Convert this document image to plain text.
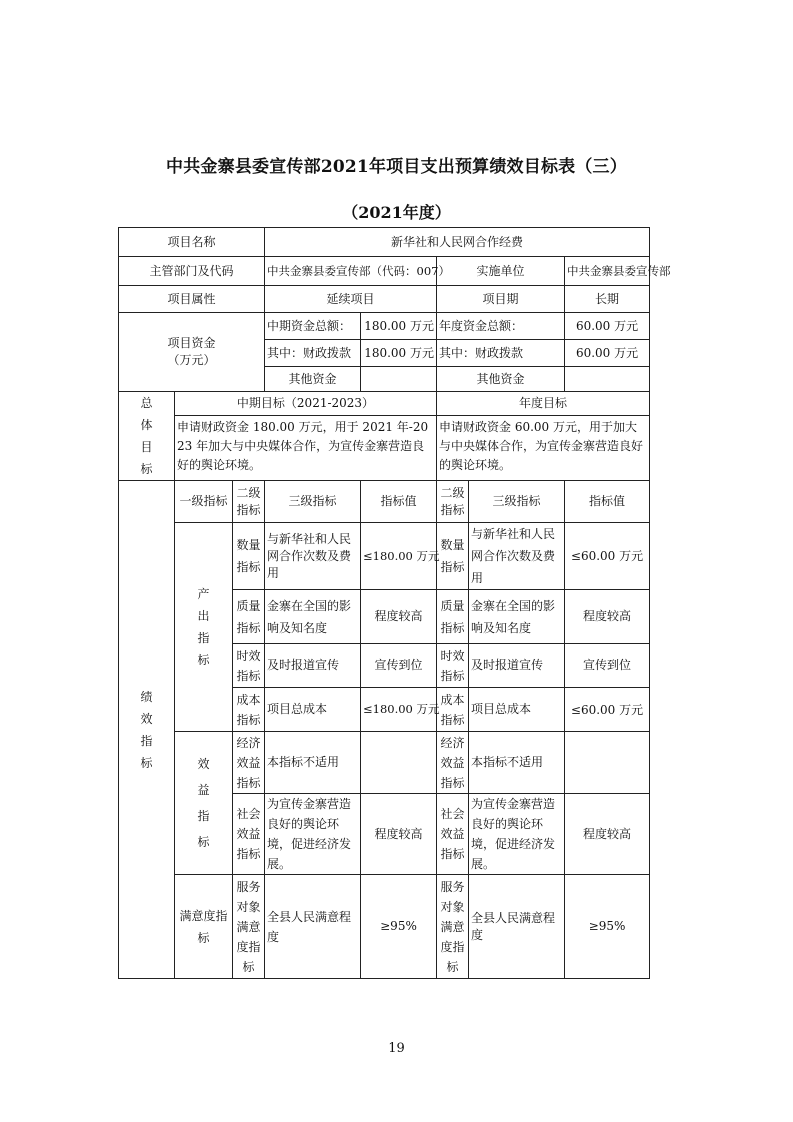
中共金寨县委宣传部2021年项目支出预算绩效目标表（三）
（2021年度）
项目名称			新华社和人民网合作经费				
主管部门及代码			中共金寨县委宣传部（代码：007）		实施单位		中共金寨县委宣传部
项目属性			延续项目		项目期		长期

项目资金
（万元）			中期资金总额：	180.00 万元	年度资金总额：		60.00 万元
			其中：财政拨款	180.00 万元	其中：财政拨款		60.00 万元
			其他资金		其他资金		
总体目标	中期目标（2021-2023）				年度目标		
	申请财政资金 180.00 万元，用于 2021 年-2023 年加大与中央媒体合作，为宣传金寨营造良好的舆论环境。				申请财政资金 60.00 万元，用于加大与中央媒体合作，为宣传金寨营造良好的舆论环境。		
绩效指标	一级指标	二级指标	三级指标	指标值	二级指标	三级指标	指标值
	产出指标	数量指标	与新华社和人民网合作次数及费用	≤180.00 万元	数量指标	与新华社和人民网合作次数及费用	≤60.00 万元
		质量指标	金寨在全国的影响及知名度	程度较高	质量指标	金寨在全国的影响及知名度	程度较高
		时效指标	及时报道宣传	宣传到位	时效指标	及时报道宣传	宣传到位
		成本指标	项目总成本	≤180.00 万元	成本指标	项目总成本	≤60.00 万元
	效益指标	经济效益指标	本指标不适用		经济效益指标	本指标不适用	
		社会效益指标	为宣传金寨营造良好的舆论环境，促进经济发展。	程度较高	社会效益指标	为宣传金寨营造良好的舆论环境，促进经济发展。	程度较高
	满意度指标	服务对象满意度指标	全县人民满意程度	≥95%	服务对象满意度指标	全县人民满意程度	≥95%
19
